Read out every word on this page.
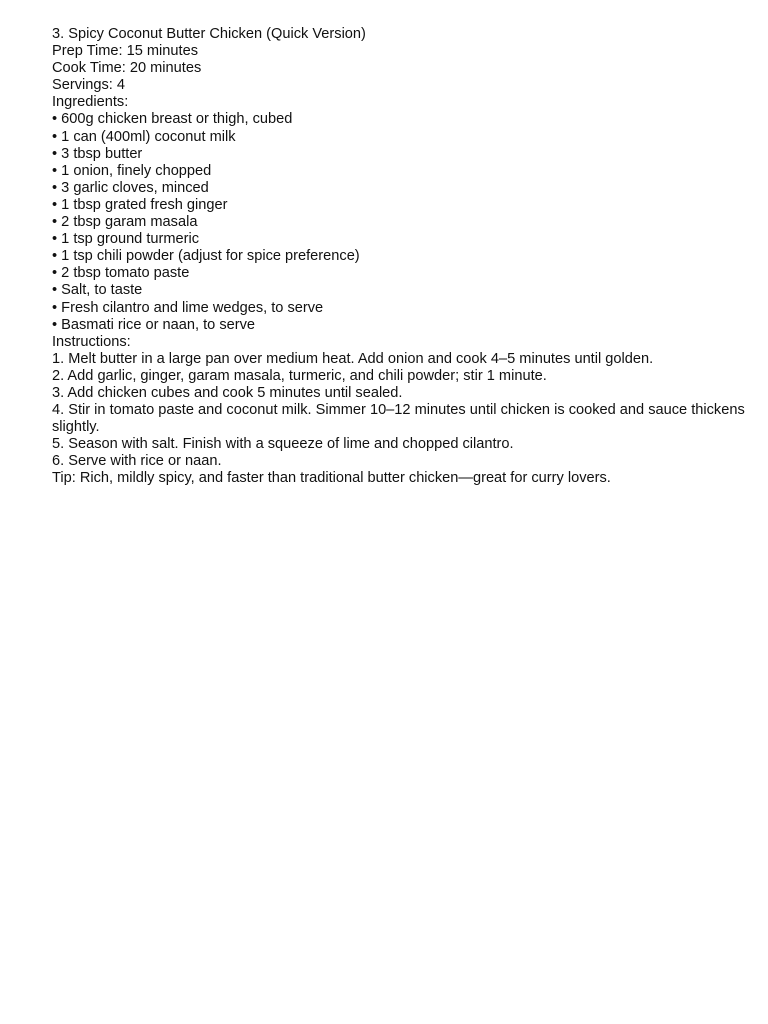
3. Spicy Coconut Butter Chicken (Quick Version)
Prep Time: 15 minutes
Cook Time: 20 minutes
Servings: 4
Ingredients:
• 600g chicken breast or thigh, cubed
• 1 can (400ml) coconut milk
• 3 tbsp butter
• 1 onion, finely chopped
• 3 garlic cloves, minced
• 1 tbsp grated fresh ginger
• 2 tbsp garam masala
• 1 tsp ground turmeric
• 1 tsp chili powder (adjust for spice preference)
• 2 tbsp tomato paste
• Salt, to taste
• Fresh cilantro and lime wedges, to serve
• Basmati rice or naan, to serve
Instructions:
1. Melt butter in a large pan over medium heat. Add onion and cook 4–5 minutes until golden.
2. Add garlic, ginger, garam masala, turmeric, and chili powder; stir 1 minute.
3. Add chicken cubes and cook 5 minutes until sealed.
4. Stir in tomato paste and coconut milk. Simmer 10–12 minutes until chicken is cooked and sauce thickens slightly.
5. Season with salt. Finish with a squeeze of lime and chopped cilantro.
6. Serve with rice or naan.
Tip: Rich, mildly spicy, and faster than traditional butter chicken—great for curry lovers.
